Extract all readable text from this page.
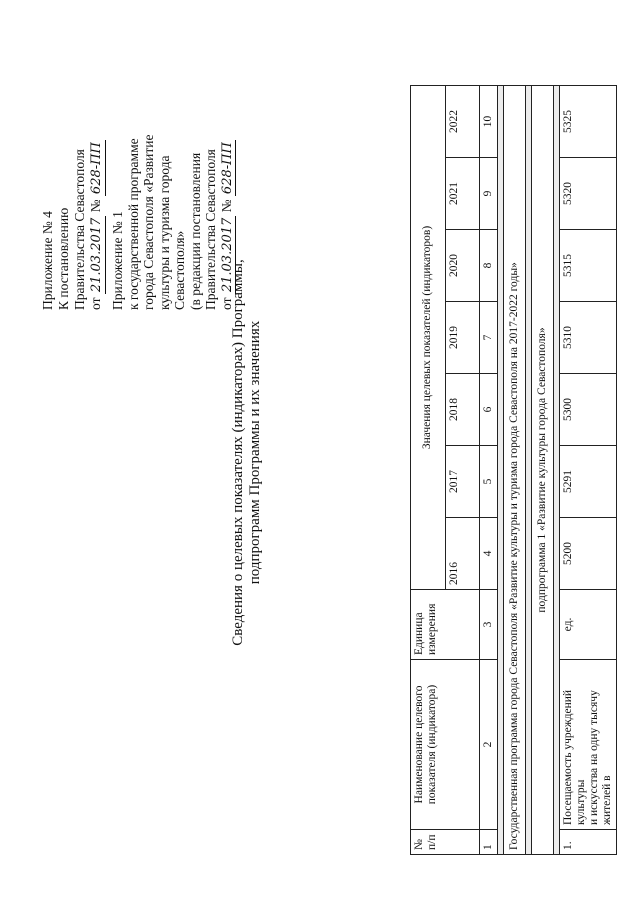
Приложение № 4 К постановлению Правительства Севастополя от 21.03.2017 № 628-ПП
Приложение № 1 к государственной программе города Севастополя «Развитие культуры и туризма города Севастополя» (в редакции постановления Правительства Севастополя от 21.03.2017 № 628-ПП
Сведения о целевых показателях (индикаторах) Программы, подпрограмм Программы и их значениях
№ п/п	Наименование целевого показателя (индикатора)	Единица измерения	Значения целевых показателей (индикаторов)						
			2016	2017	2018	2019	2020	2021	2022
1	2	3	4	5	6	7	8	9	10

Государственная программа города Севастополя «Развитие культуры и туризма города Севастополя на 2017-2022 годы»									

подпрограмма 1 «Развитие культуры города Севастополя»									

1.	Посещаемость учреждений культуры и искусства на одну тысячу жителей в	ед.	5200	5291	5300	5310	5315	5320	5325
